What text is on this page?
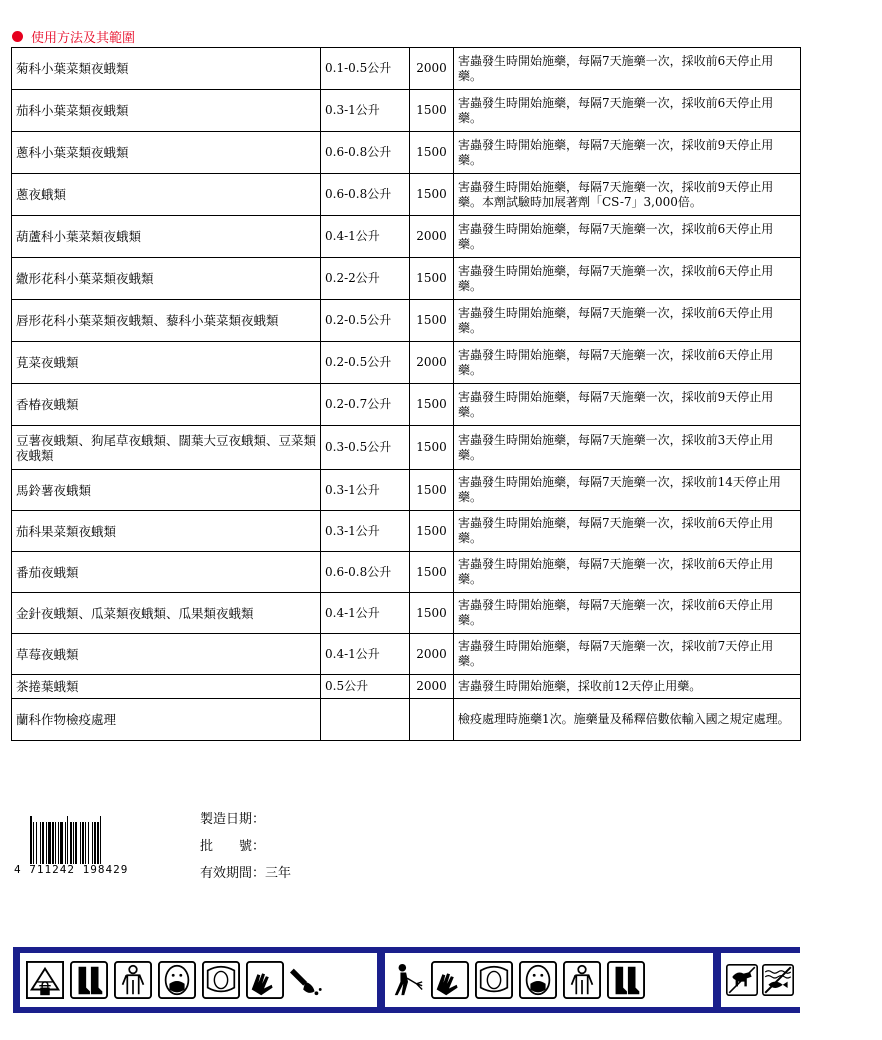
使用方法及其範圍
菊科小葉菜類夜蛾類	0.1-0.5公升	2000	害蟲發生時開始施藥，每隔7天施藥一次，採收前6天停止用藥。
茄科小葉菜類夜蛾類	0.3-1公升	1500	害蟲發生時開始施藥，每隔7天施藥一次，採收前6天停止用藥。
蔥科小葉菜類夜蛾類	0.6-0.8公升	1500	害蟲發生時開始施藥，每隔7天施藥一次，採收前9天停止用藥。
蔥夜蛾類	0.6-0.8公升	1500	害蟲發生時開始施藥，每隔7天施藥一次，採收前9天停止用藥。本劑試驗時加展著劑「CS-7」3,000倍。
葫蘆科小葉菜類夜蛾類	0.4-1公升	2000	害蟲發生時開始施藥，每隔7天施藥一次，採收前6天停止用藥。
繖形花科小葉菜類夜蛾類	0.2-2公升	1500	害蟲發生時開始施藥，每隔7天施藥一次，採收前6天停止用藥。
唇形花科小葉菜類夜蛾類、藜科小葉菜類夜蛾類	0.2-0.5公升	1500	害蟲發生時開始施藥，每隔7天施藥一次，採收前6天停止用藥。
莧菜夜蛾類	0.2-0.5公升	2000	害蟲發生時開始施藥，每隔7天施藥一次，採收前6天停止用藥。
香椿夜蛾類	0.2-0.7公升	1500	害蟲發生時開始施藥，每隔7天施藥一次，採收前9天停止用藥。
豆薯夜蛾類、狗尾草夜蛾類、闊葉大豆夜蛾類、豆菜類夜蛾類	0.3-0.5公升	1500	害蟲發生時開始施藥，每隔7天施藥一次，採收前3天停止用藥。
馬鈴薯夜蛾類	0.3-1公升	1500	害蟲發生時開始施藥，每隔7天施藥一次，採收前14天停止用藥。
茄科果菜類夜蛾類	0.3-1公升	1500	害蟲發生時開始施藥，每隔7天施藥一次，採收前6天停止用藥。
番茄夜蛾類	0.6-0.8公升	1500	害蟲發生時開始施藥，每隔7天施藥一次，採收前6天停止用藥。
金針夜蛾類、瓜菜類夜蛾類、瓜果類夜蛾類	0.4-1公升	1500	害蟲發生時開始施藥，每隔7天施藥一次，採收前6天停止用藥。
草莓夜蛾類	0.4-1公升	2000	害蟲發生時開始施藥，每隔7天施藥一次，採收前7天停止用藥。
茶捲葉蛾類	0.5公升	2000	害蟲發生時開始施藥，採收前12天停止用藥。
蘭科作物檢疫處理			檢疫處理時施藥1次。施藥量及稀釋倍數依輸入國之規定處理。
4 711242 198429
製造日期：
批　　號：
有效期間：三年
